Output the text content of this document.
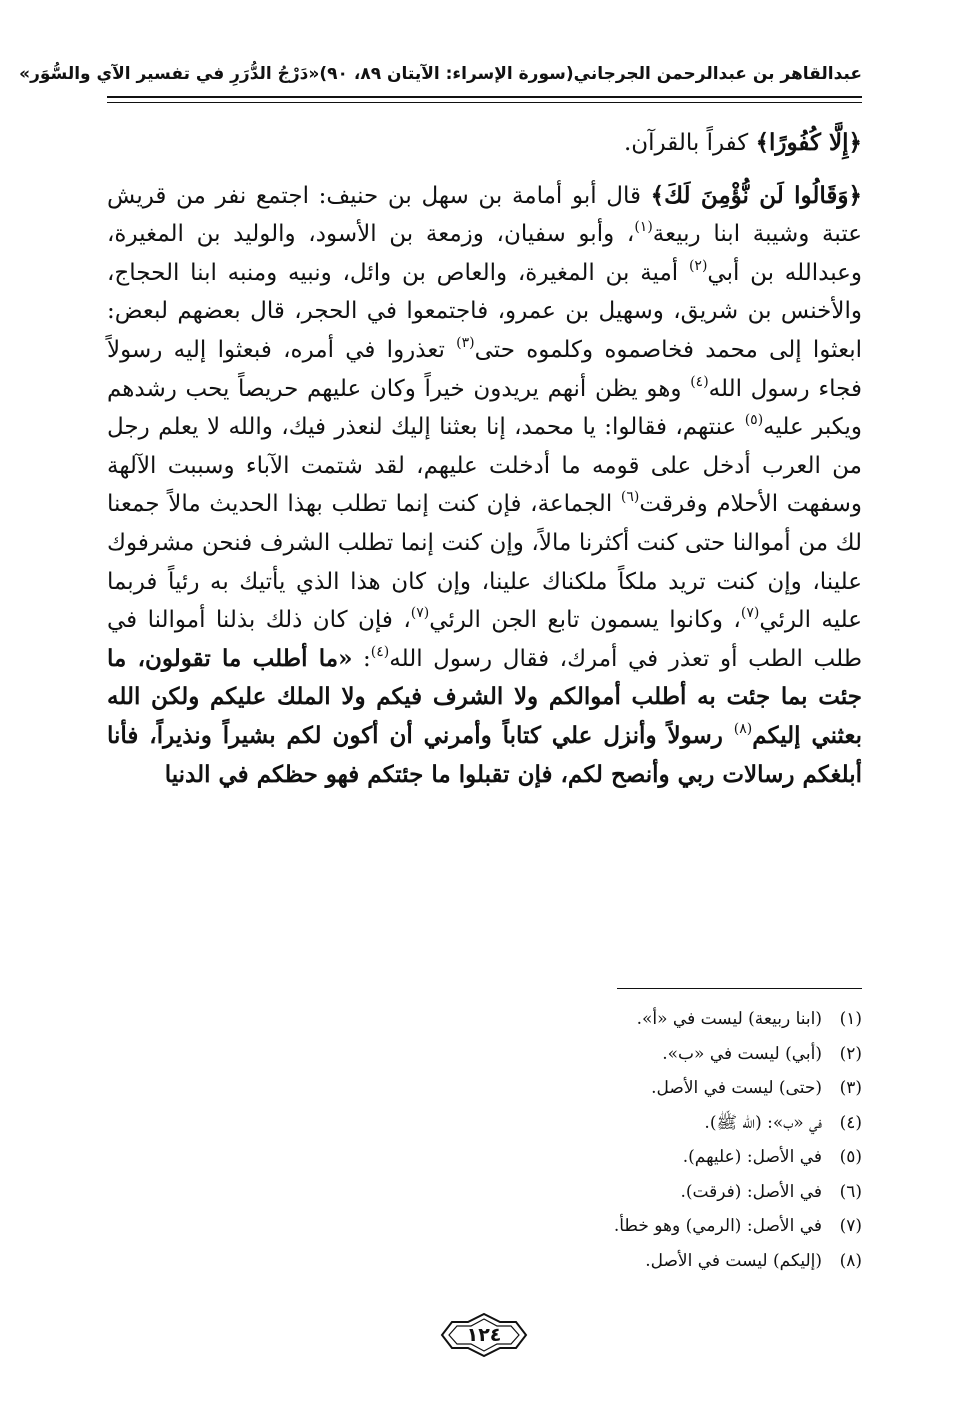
عبدالقاهر بن عبدالرحمن الجرجاني
(سورة الإسراء: الآيتان ٨٩، ٩٠)
«دَرْجُ الدُّرَرِ في تفسير الآي والسُّوَر»

﴿إِلَّا كُفُورًا﴾ كفراً بالقرآن.

﴿وَقَالُوا لَن نُّؤْمِنَ لَكَ﴾ قال أبو أمامة بن سهل بن حنيف: اجتمع نفر من قريش عتبة وشيبة ابنا ربيعة$^{(١)}$، وأبو سفيان، وزمعة بن الأسود، والوليد بن المغيرة، وعبدالله بن أبي$^{(٢)}$ أمية بن المغيرة، والعاص بن وائل، ونبيه ومنبه ابنا الحجاج، والأخنس بن شريق، وسهيل بن عمرو، فاجتمعوا في الحجر، قال بعضهم لبعض: ابعثوا إلى محمد فخاصموه وكلموه حتى$^{(٣)}$ تعذروا في أمره، فبعثوا إليه رسولاً فجاء رسول الله$^{(٤)}$ وهو يظن أنهم يريدون خيراً وكان عليهم حريصاً يحب رشدهم ويكبر عليه$^{(٥)}$ عنتهم، فقالوا: يا محمد، إنا بعثنا إليك لنعذر فيك، والله لا يعلم رجل من العرب أدخل على قومه ما أدخلت عليهم، لقد شتمت الآباء وسببت الآلهة وسفهت الأحلام وفرقت$^{(٦)}$ الجماعة، فإن كنت إنما تطلب بهذا الحديث مالاً جمعنا لك من أموالنا حتى كنت أكثرنا مالاً، وإن كنت إنما تطلب الشرف فنحن مشرفوك علينا، وإن كنت تريد ملكاً ملكناك علينا، وإن كان هذا الذي يأتيك به رئياً فربما عليه الرئي$^{(٧)}$، وكانوا يسمون تابع الجن الرئي$^{(٧)}$، فإن كان ذلك بذلنا أموالنا في طلب الطب أو تعذر في أمرك، فقال رسول الله$^{(٤)}$: «ما أطلب ما تقولون، ما جئت بما جئت به أطلب أموالكم ولا الشرف فيكم ولا الملك عليكم ولكن الله بعثني إليكم$^{(٨)}$ رسولاً وأنزل علي كتاباً وأمرني أن أكون لكم بشيراً ونذيراً، فأنا أبلغكم رسالات ربي وأنصح لكم، فإن تقبلوا ما جئتكم فهو حظكم في الدنيا

(١)
(ابنا ربيعة) ليست في «أ».
(٢)
(أبي) ليست في «ب».
(٣)
(حتى) ليست في الأصل.
(٤)
في «ب»: (الله ﷺ).
(٥)
في الأصل: (عليهم).
(٦)
في الأصل: (فرقت).
(٧)
في الأصل: (الرمي) وهو خطأ.
(٨)
(إليكم) ليست في الأصل.
١٢٤
